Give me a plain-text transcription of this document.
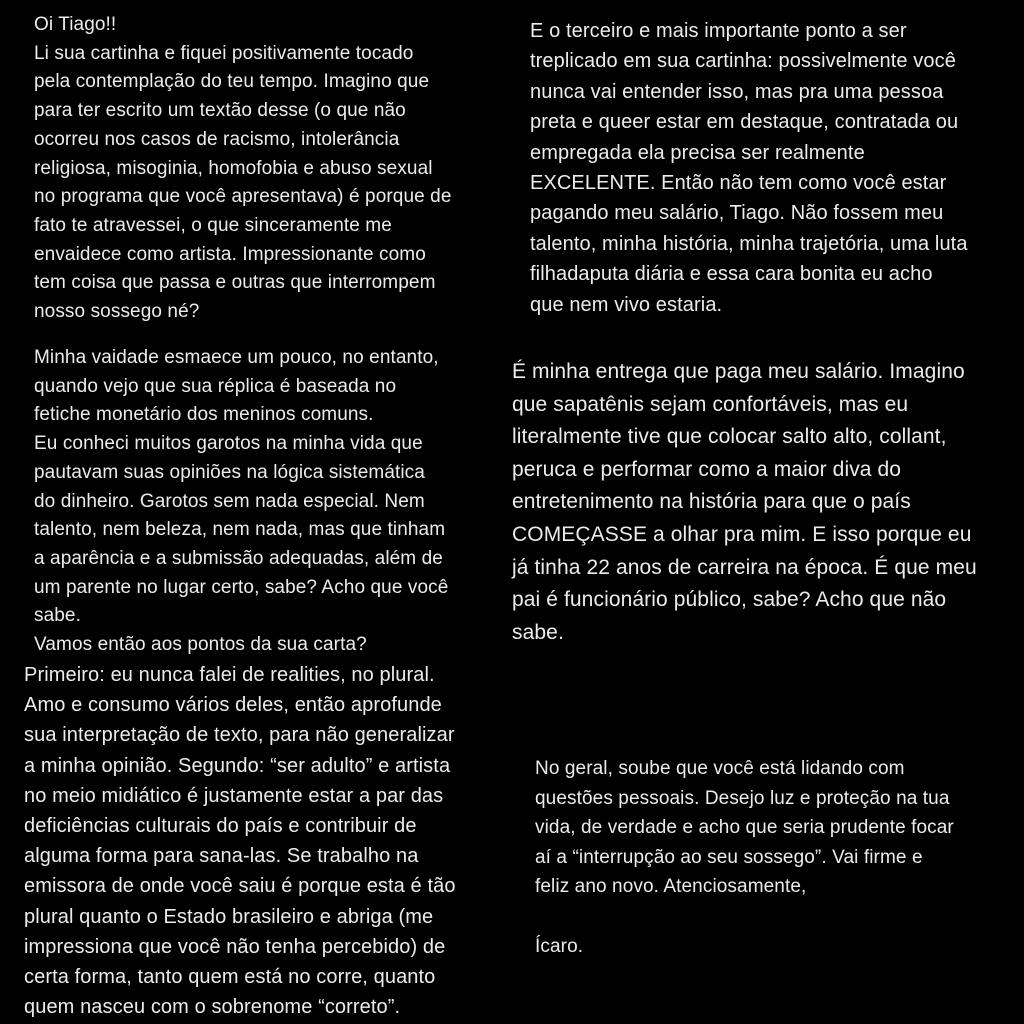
Oi Tiago!!
Li sua cartinha e fiquei positivamente tocado
pela contemplação do teu tempo. Imagino que
para ter escrito um textão desse (o que não
ocorreu nos casos de racismo, intolerância
religiosa, misoginia, homofobia e abuso sexual
no programa que você apresentava) é porque de
fato te atravessei, o que sinceramente me
envaidece como artista. Impressionante como
tem coisa que passa e outras que interrompem
nosso sossego né?

Minha vaidade esmaece um pouco, no entanto,
quando vejo que sua réplica é baseada no
fetiche monetário dos meninos comuns.
Eu conheci muitos garotos na minha vida que
pautavam suas opiniões na lógica sistemática
do dinheiro. Garotos sem nada especial. Nem
talento, nem beleza, nem nada, mas que tinham
a aparência e a submissão adequadas, além de
um parente no lugar certo, sabe? Acho que você
sabe.
Vamos então aos pontos da sua carta?

Primeiro: eu nunca falei de realities, no plural.
Amo e consumo vários deles, então aprofunde
sua interpretação de texto, para não generalizar
a minha opinião. Segundo: “ser adulto” e artista
no meio midiático é justamente estar a par das
deficiências culturais do país e contribuir de
alguma forma para sana-las. Se trabalho na
emissora de onde você saiu é porque esta é tão
plural quanto o Estado brasileiro e abriga (me
impressiona que você não tenha percebido) de
certa forma, tanto quem está no corre, quanto
quem nasceu com o sobrenome “correto”.

E o terceiro e mais importante ponto a ser
treplicado em sua cartinha: possivelmente você
nunca vai entender isso, mas pra uma pessoa
preta e queer estar em destaque, contratada ou
empregada ela precisa ser realmente
EXCELENTE. Então não tem como você estar
pagando meu salário, Tiago. Não fossem meu
talento, minha história, minha trajetória, uma luta
filhadaputa diária e essa cara bonita eu acho
que nem vivo estaria.

É minha entrega que paga meu salário. Imagino
que sapatênis sejam confortáveis, mas eu
literalmente tive que colocar salto alto, collant,
peruca e performar como a maior diva do
entretenimento na história para que o país
COMEÇASSE a olhar pra mim. E isso porque eu
já tinha 22 anos de carreira na época. É que meu
pai é funcionário público, sabe? Acho que não
sabe.

No geral, soube que você está lidando com
questões pessoais. Desejo luz e proteção na tua
vida, de verdade e acho que seria prudente focar
aí a “interrupção ao seu sossego”. Vai firme e
feliz ano novo. Atenciosamente,

Ícaro.
